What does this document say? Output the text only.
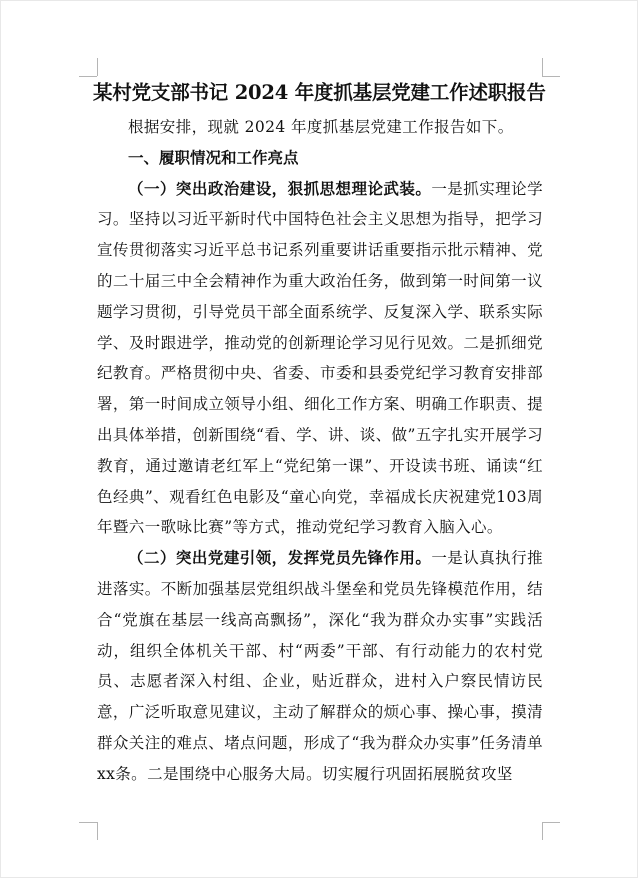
某村党支部书记 2024 年度抓基层党建工作述职报告

根据安排，现就 2024 年度抓基层党建工作报告如下。

一、履职情况和工作亮点

（一）突出政治建设，狠抓思想理论武装。一是抓实理论学习。坚持以习近平新时代中国特色社会主义思想为指导，把学习宣传贯彻落实习近平总书记系列重要讲话重要指示批示精神、党的二十届三中全会精神作为重大政治任务，做到第一时间第一议题学习贯彻，引导党员干部全面系统学、反复深入学、联系实际学、及时跟进学，推动党的创新理论学习见行见效。二是抓细党纪教育。严格贯彻中央、省委、市委和县委党纪学习教育安排部署，第一时间成立领导小组、细化工作方案、明确工作职责、提出具体举措，创新围绕“看、学、讲、谈、做”五字扎实开展学习教育，通过邀请老红军上“党纪第一课”、开设读书班、诵读“红色经典”、观看红色电影及“童心向党，幸福成长庆祝建党103周年暨六一歌咏比赛”等方式，推动党纪学习教育入脑入心。

（二）突出党建引领，发挥党员先锋作用。一是认真执行推进落实。不断加强基层党组织战斗堡垒和党员先锋模范作用，结合“党旗在基层一线高高飘扬”，深化“我为群众办实事”实践活动，组织全体机关干部、村“两委”干部、有行动能力的农村党员、志愿者深入村组、企业，贴近群众，进村入户察民情访民意，广泛听取意见建议，主动了解群众的烦心事、操心事，摸清群众关注的难点、堵点问题，形成了“我为群众办实事”任务清单xx条。二是围绕中心服务大局。切实履行巩固拓展脱贫攻坚
